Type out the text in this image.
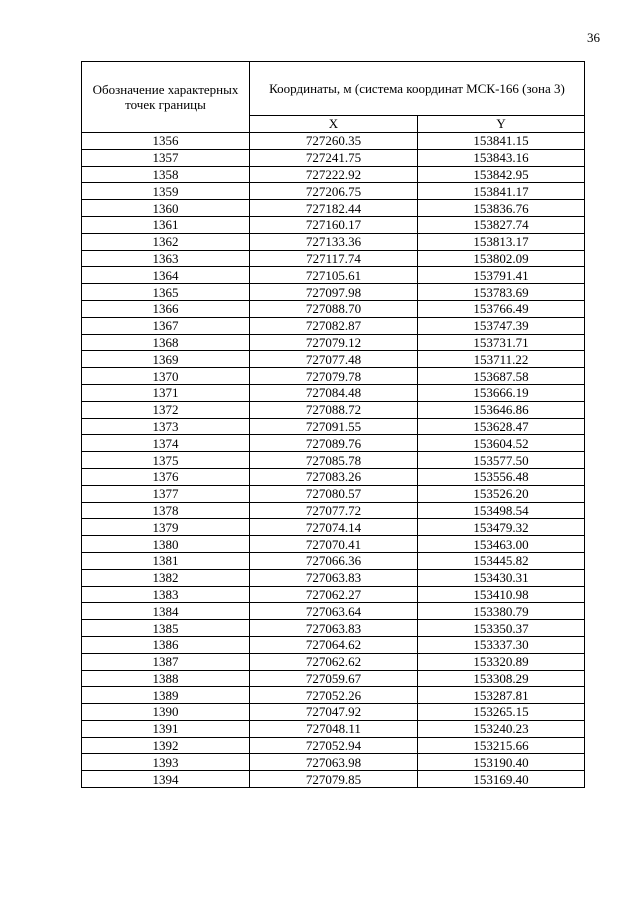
36
Обозначение характерных точек границы	Координаты, м (система координат МСК-166 (зона 3)	
	X	Y
1356	727260.35	153841.15
1357	727241.75	153843.16
1358	727222.92	153842.95
1359	727206.75	153841.17
1360	727182.44	153836.76
1361	727160.17	153827.74
1362	727133.36	153813.17
1363	727117.74	153802.09
1364	727105.61	153791.41
1365	727097.98	153783.69
1366	727088.70	153766.49
1367	727082.87	153747.39
1368	727079.12	153731.71
1369	727077.48	153711.22
1370	727079.78	153687.58
1371	727084.48	153666.19
1372	727088.72	153646.86
1373	727091.55	153628.47
1374	727089.76	153604.52
1375	727085.78	153577.50
1376	727083.26	153556.48
1377	727080.57	153526.20
1378	727077.72	153498.54
1379	727074.14	153479.32
1380	727070.41	153463.00
1381	727066.36	153445.82
1382	727063.83	153430.31
1383	727062.27	153410.98
1384	727063.64	153380.79
1385	727063.83	153350.37
1386	727064.62	153337.30
1387	727062.62	153320.89
1388	727059.67	153308.29
1389	727052.26	153287.81
1390	727047.92	153265.15
1391	727048.11	153240.23
1392	727052.94	153215.66
1393	727063.98	153190.40
1394	727079.85	153169.40
